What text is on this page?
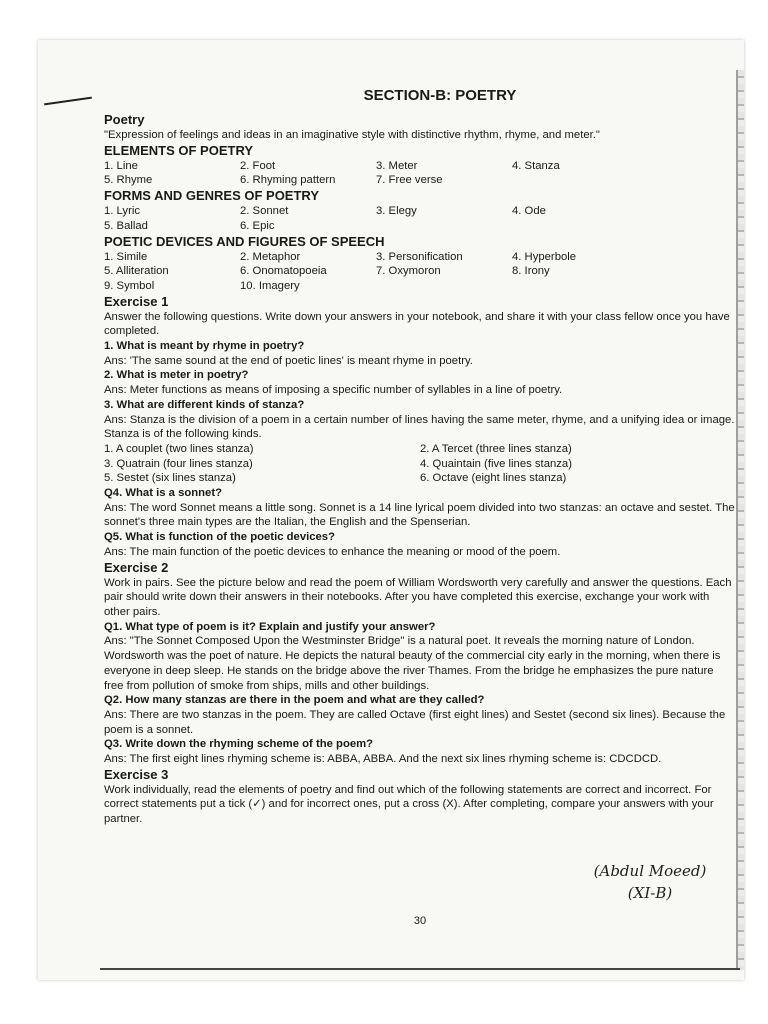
SECTION-B: POETRY
Poetry

"Expression of feelings and ideas in an imaginative style with distinctive rhythm, rhyme, and meter."

ELEMENTS OF POETRY
1. Line	2. Foot	3. Meter	4. Stanza
5. Rhyme	6. Rhyming pattern	7. Free verse
FORMS AND GENRES OF POETRY
1. Lyric	2. Sonnet	3. Elegy	4. Ode
5. Ballad	6. Epic
POETIC DEVICES AND FIGURES OF SPEECH
1. Simile	2. Metaphor	3. Personification	4. Hyperbole
5. Alliteration	6. Onomatopoeia	7. Oxymoron	8. Irony
9. Symbol	10. Imagery
Exercise 1

Answer the following questions. Write down your answers in your notebook, and share it with your class fellow once you have completed.

1. What is meant by rhyme in poetry?

Ans: 'The same sound at the end of poetic lines' is meant rhyme in poetry.

2. What is meter in poetry?

Ans: Meter functions as means of imposing a specific number of syllables in a line of poetry.

3. What are different kinds of stanza?

Ans: Stanza is the division of a poem in a certain number of lines having the same meter, rhyme, and a unifying idea or image. Stanza is of the following kinds.

1. A couplet (two lines stanza)	2. A Tercet (three lines stanza)
3. Quatrain (four lines stanza)	4. Quaintain (five lines stanza)
5. Sestet (six lines stanza)	6. Octave (eight lines stanza)

Q4. What is a sonnet?

Ans: The word Sonnet means a little song. Sonnet is a 14 line lyrical poem divided into two stanzas: an octave and sestet. The sonnet's three main types are the Italian, the English and the Spenserian.

Q5. What is function of the poetic devices?

Ans: The main function of the poetic devices to enhance the meaning or mood of the poem.

Exercise 2

Work in pairs. See the picture below and read the poem of William Wordsworth very carefully and answer the questions. Each pair should write down their answers in their notebooks. After you have completed this exercise, exchange your work with other pairs.

Q1. What type of poem is it? Explain and justify your answer?

Ans: "The Sonnet Composed Upon the Westminster Bridge" is a natural poet. It reveals the morning nature of London. Wordsworth was the poet of nature. He depicts the natural beauty of the commercial city early in the morning, when there is everyone in deep sleep. He stands on the bridge above the river Thames. From the bridge he emphasizes the pure nature free from pollution of smoke from ships, mills and other buildings.

Q2. How many stanzas are there in the poem and what are they called?

Ans: There are two stanzas in the poem. They are called Octave (first eight lines) and Sestet (second six lines). Because the poem is a sonnet.

Q3. Write down the rhyming scheme of the poem?

Ans: The first eight lines rhyming scheme is: ABBA, ABBA. And the next six lines rhyming scheme is: CDCDCD.

Exercise 3

Work individually, read the elements of poetry and find out which of the following statements are correct and incorrect. For correct statements put a tick (✓) and for incorrect ones, put a cross (X). After completing, compare your answers with your partner.

(Abdul Moeed)
(XI-B)
30
